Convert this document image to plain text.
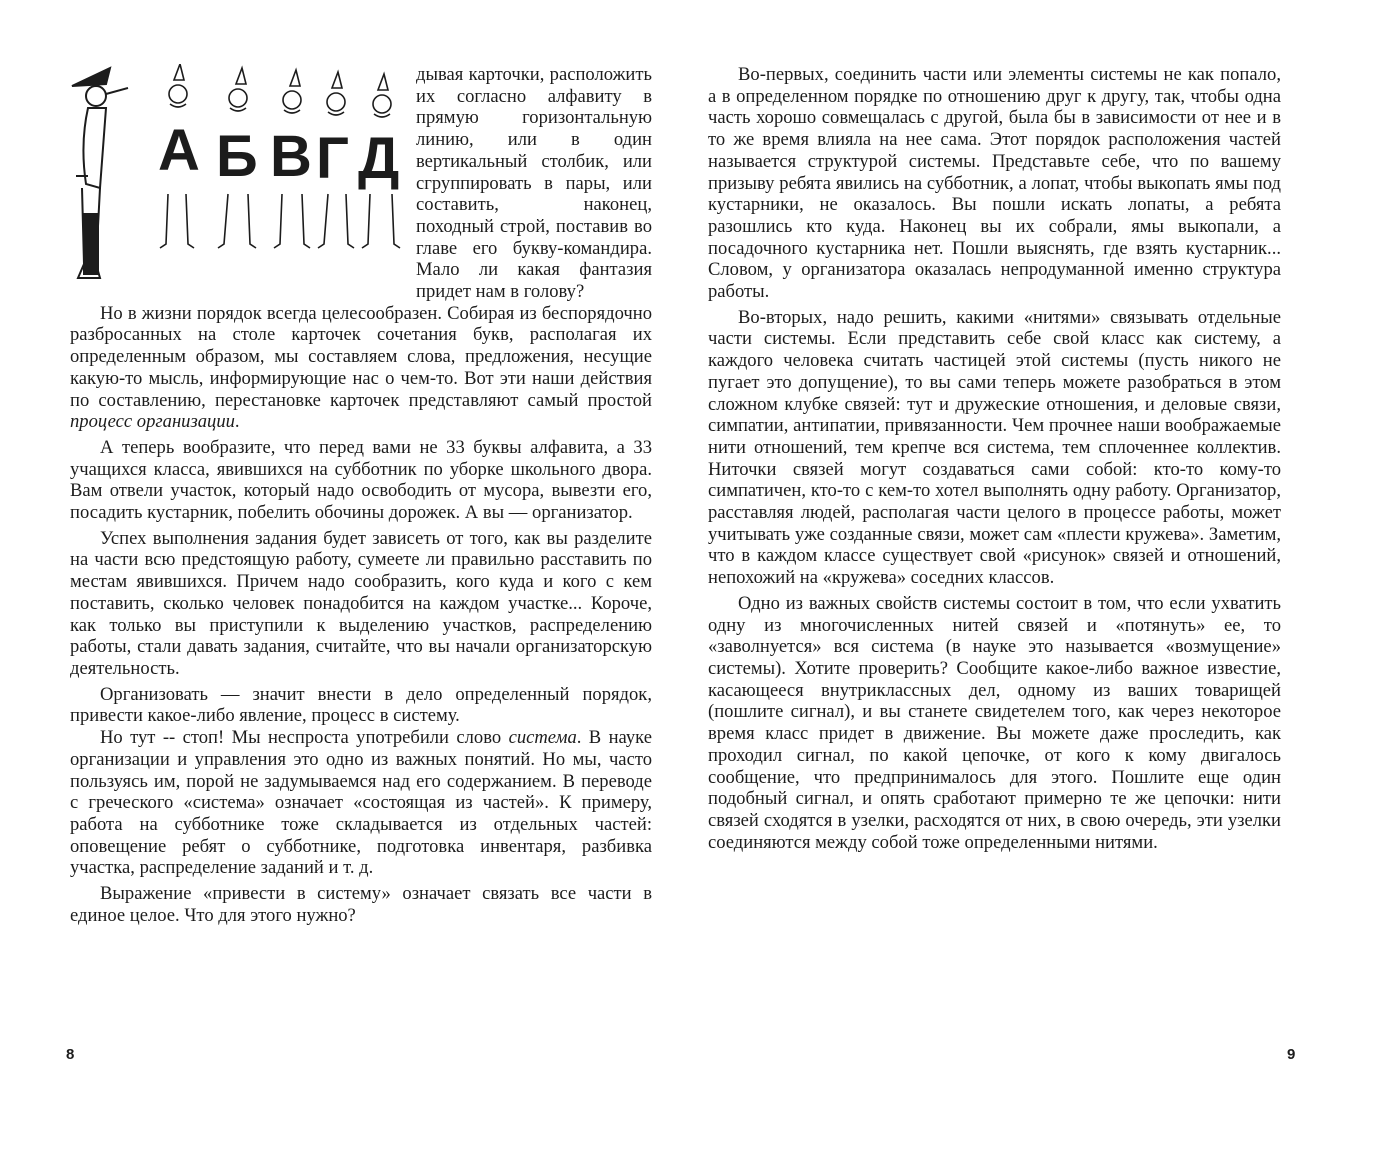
А Б В Г Д

дывая карточки, расположить их согласно алфавиту в прямую горизонтальную линию, или в один вертикальный столбик, или сгруппировать в пары, или составить, наконец, походный строй, поставив во главе его букву-командира. Мало ли какая фантазия придет нам в голову?

Но в жизни порядок всегда целесообразен. Собирая из беспорядочно разбросанных на столе карточек сочетания букв, располагая их определенным образом, мы составляем слова, предложения, несущие какую-то мысль, информирующие нас о чем-то. Вот эти наши действия по составлению, перестановке карточек представляют самый простой процесс организации.

А теперь вообразите, что перед вами не 33 буквы алфавита, а 33 учащихся класса, явившихся на субботник по уборке школьного двора. Вам отвели участок, который надо освободить от мусора, вывезти его, посадить кустарник, побелить обочины дорожек. А вы — организатор.

Успех выполнения задания будет зависеть от того, как вы разделите на части всю предстоящую работу, сумеете ли правильно расставить по местам явившихся. Причем надо сообразить, кого куда и кого с кем поставить, сколько человек понадобится на каждом участке... Короче, как только вы приступили к выделению участков, распределению работы, стали давать задания, считайте, что вы начали организаторскую деятельность.

Организовать — значит внести в дело определенный порядок, привести какое-либо явление, процесс в систему.

Но тут -- стоп! Мы неспроста употребили слово система. В науке организации и управления это одно из важных понятий. Но мы, часто пользуясь им, порой не задумываемся над его содержанием. В переводе с греческого «система» означает «состоящая из частей». К примеру, работа на субботнике тоже складывается из отдельных частей: оповещение ребят о субботнике, подготовка инвентаря, разбивка участка, распределение заданий и т. д.

Выражение «привести в систему» означает связать все части в единое целое. Что для этого нужно?

8

Во-первых, соединить части или элементы системы не как попало, а в определенном порядке по отношению друг к другу, так, чтобы одна часть хорошо совмещалась с другой, была бы в зависимости от нее и в то же время влияла на нее сама. Этот порядок расположения частей называется структурой системы. Представьте себе, что по вашему призыву ребята явились на субботник, а лопат, чтобы выкопать ямы под кустарники, не оказалось. Вы пошли искать лопаты, а ребята разошлись кто куда. Наконец вы их собрали, ямы выкопали, а посадочного кустарника нет. Пошли выяснять, где взять кустарник... Словом, у организатора оказалась непродуманной именно структура работы.

Во-вторых, надо решить, какими «нитями» связывать отдельные части системы. Если представить себе свой класс как систему, а каждого человека считать частицей этой системы (пусть никого не пугает это допущение), то вы сами теперь можете разобраться в этом сложном клубке связей: тут и дружеские отношения, и деловые связи, симпатии, антипатии, привязанности. Чем прочнее наши воображаемые нити отношений, тем крепче вся система, тем сплоченнее коллектив. Ниточки связей могут создаваться сами собой: кто-то кому-то симпатичен, кто-то с кем-то хотел выполнять одну работу. Организатор, расставляя людей, располагая части целого в процессе работы, может учитывать уже созданные связи, может сам «плести кружева». Заметим, что в каждом классе существует свой «рисунок» связей и отношений, непохожий на «кружева» соседних классов.

Одно из важных свойств системы состоит в том, что если ухватить одну из многочисленных нитей связей и «потянуть» ее, то «заволнуется» вся система (в науке это называется «возмущение» системы). Хотите проверить? Сообщите какое-либо важное известие, касающееся внутриклассных дел, одному из ваших товарищей (пошлите сигнал), и вы станете свидетелем того, как через некоторое время класс придет в движение. Вы можете даже проследить, как проходил сигнал, по какой цепочке, от кого к кому двигалось сообщение, что предпринималось для этого. Пошлите еще один подобный сигнал, и опять сработают примерно те же цепочки: нити связей сходятся в узелки, расходятся от них, в свою очередь, эти узелки соединяются между собой тоже определенными нитями.

9
